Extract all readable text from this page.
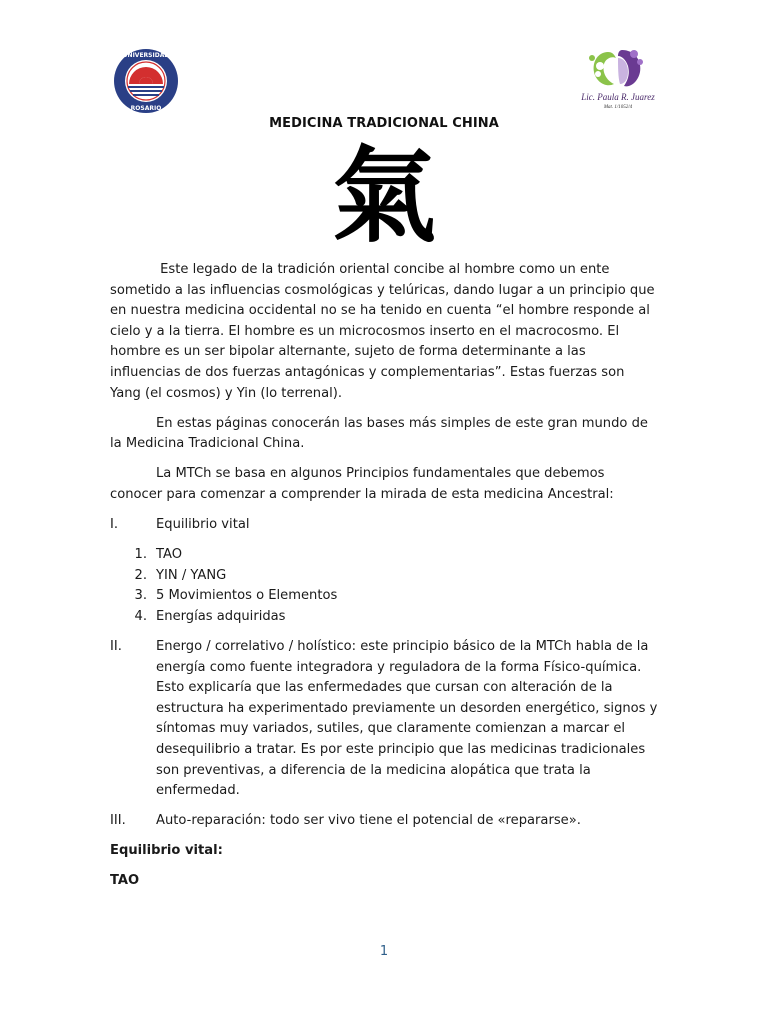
UNIVERSIDAD
ROSARIO
Lic. Paula R. Juarez
Mat. 1/1052/4
MEDICINA TRADICIONAL CHINA
氣

Este legado de la tradición oriental concibe al hombre como un ente sometido a las influencias cosmológicas y telúricas, dando lugar a un principio que en nuestra medicina occidental no se ha tenido en cuenta “el hombre responde al cielo y a la tierra. El hombre es un microcosmos inserto en el macrocosmo. El hombre es un ser bipolar alternante, sujeto de forma determinante a las influencias de dos fuerzas antagónicas y complementarias”. Estas fuerzas son Yang (el cosmos) y Yin (lo terrenal).

En estas páginas conocerán las bases más simples de este gran mundo de la Medicina Tradicional China.

La MTCh se basa en algunos Principios fundamentales que debemos conocer para comenzar a comprender la mirada de esta medicina Ancestral:

I.	Equilibrio vital
1. TAO
2. YIN / YANG
3. 5 Movimientos o Elementos
4. Energías adquiridas
II.	Energo / correlativo / holístico: este principio básico de la MTCh habla de la energía como fuente integradora y reguladora de la forma Físico-química. Esto explicaría que las enfermedades que cursan con alteración de la estructura ha experimentado previamente un desorden energético, signos y síntomas muy variados, sutiles, que claramente comienzan a marcar el desequilibrio a tratar. Es por este principio que las medicinas tradicionales son preventivas, a diferencia de la medicina alopática que trata la enfermedad.
III.	Auto-reparación: todo ser vivo tiene el potencial de «repararse».

Equilibrio vital:

TAO

1
